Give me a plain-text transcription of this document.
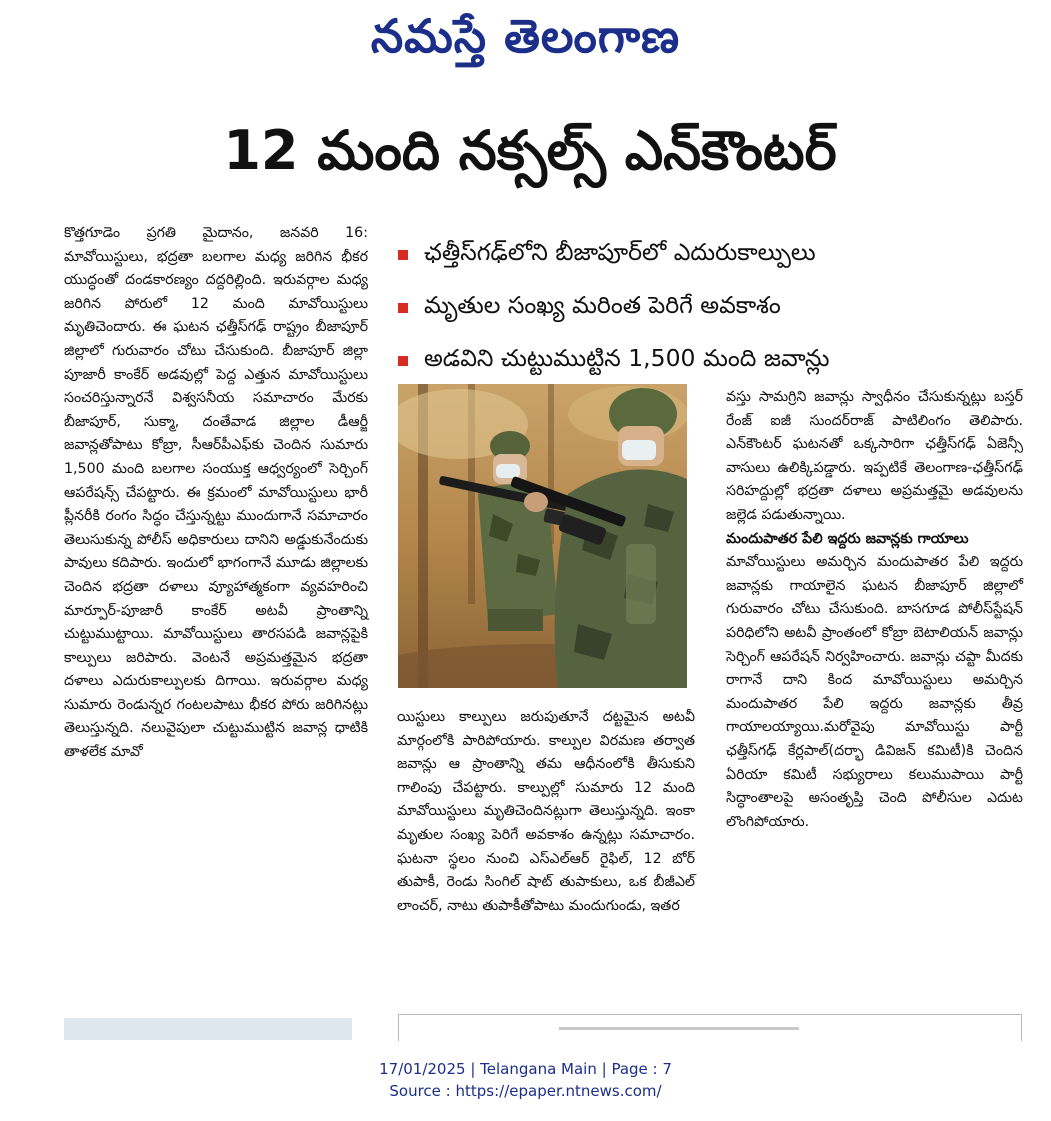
నమస్తే తెలంగాణ
12 మంది నక్సల్స్ ఎన్‌కౌంటర్

కొత్తగూడెం ప్రగతి మైదానం, జనవరి 16: మావోయిస్టులు, భద్రతా బలగాల మధ్య జరిగిన భీకర యుద్ధంతో దండకారణ్యం దద్దరిల్లింది. ఇరువర్గాల మధ్య జరిగిన పోరులో 12 మంది మావోయిస్టులు మృతిచెందారు. ఈ ఘటన ఛత్తీస్‌గఢ్ రాష్ట్రం బీజాపూర్ జిల్లాలో గురువారం చోటు చేసుకుంది. బీజాపూర్ జిల్లా పూజారీ కాంకేర్ అడవుల్లో పెద్ద ఎత్తున మావోయిస్టులు సంచరిస్తున్నారనే విశ్వసనీయ సమాచారం మేరకు బీజాపూర్, సుక్మా, దంతేవాడ జిల్లాల డీఆర్జీ జవాన్లతోపాటు కోబ్రా, సీఆర్‌పీఎఫ్‌కు చెందిన సుమారు 1,500 మంది బలగాల సంయుక్త ఆధ్వర్యంలో సెర్చింగ్ ఆపరేషన్స్ చేపట్టారు. ఈ క్రమంలో మావోయిస్టులు భారీ ప్లీనరీకి రంగం సిద్ధం చేస్తున్నట్టు ముందుగానే సమాచారం తెలుసుకున్న పోలీస్ అధికారులు దానిని అడ్డుకునేందుకు పావులు కదిపారు. ఇందులో భాగంగానే మూడు జిల్లాలకు చెందిన భద్రతా దళాలు వ్యూహాత్మకంగా వ్యవహరించి మార్పూర్-పూజారీ కాంకేర్ అటవీ ప్రాంతాన్ని చుట్టుముట్టాయి. మావోయిస్టులు తారసపడి జవాన్లపైకి కాల్పులు జరిపారు. వెంటనే అప్రమత్తమైన భద్రతా దళాలు ఎదురుకాల్పులకు దిగాయి. ఇరువర్గాల మధ్య సుమారు రెండున్నర గంటలపాటు భీకర పోరు జరిగినట్లు తెలుస్తున్నది. నలువైపులా చుట్టుముట్టిన జవాన్ల ధాటికి తాళలేక మావో

ఛత్తీస్‌గఢ్‌లోని బీజాపూర్‌లో ఎదురుకాల్పులు
మృతుల సంఖ్య మరింత పెరిగే అవకాశం
అడవిని చుట్టుముట్టిన 1,500 మంది జవాన్లు

యిస్టులు కాల్పులు జరుపుతూనే దట్టమైన అటవీ మార్గంలోకి పారిపోయారు. కాల్పుల విరమణ తర్వాత జవాన్లు ఆ ప్రాంతాన్ని తమ ఆధీనంలోకి తీసుకుని గాలింపు చేపట్టారు. కాల్పుల్లో సుమారు 12 మంది మావోయిస్టులు మృతిచెందినట్లుగా తెలుస్తున్నది. ఇంకా మృతుల సంఖ్య పెరిగే అవకాశం ఉన్నట్లు సమాచారం. ఘటనా స్థలం నుంచి ఎస్‌ఎల్ఆర్ రైఫిల్, 12 బోర్ తుపాకీ, రెండు సింగిల్ షాట్ తుపాకులు, ఒక బీజీఎల్ లాంచర్, నాటు తుపాకీతోపాటు మందుగుండు, ఇతర

వస్తు సామగ్రిని జవాన్లు స్వాధీనం చేసుకున్నట్లు బస్తర్ రేంజ్ ఐజీ సుందర్‌రాజ్ పాటిలింగం తెలిపారు. ఎన్‌కౌంటర్ ఘటనతో ఒక్కసారిగా ఛత్తీస్‌గఢ్ ఏజెన్సీ వాసులు ఉలిక్కిపడ్డారు. ఇప్పటికే తెలంగాణ-ఛత్తీస్‌గఢ్ సరిహద్దుల్లో భద్రతా దళాలు అప్రమత్తమై అడవులను జల్లెడ పడుతున్నాయి.

మందుపాతర పేలి ఇద్దరు జవాన్లకు గాయాలు

మావోయిస్టులు అమర్చిన మందుపాతర పేలి ఇద్దరు జవాన్లకు గాయాలైన ఘటన బీజాపూర్ జిల్లాలో గురువారం చోటు చేసుకుంది. బాసగూడ పోలీస్‌స్టేషన్ పరిధిలోని అటవీ ప్రాంతంలో కోబ్రా బెటాలియన్ జవాన్లు సెర్చింగ్ ఆపరేషన్ నిర్వహించారు. జవాన్లు చప్టా మీదకు రాగానే దాని కింద మావోయిస్టులు అమర్చిన మందుపాతర పేలి ఇద్దరు జవాన్లకు తీవ్ర గాయాలయ్యాయి.మరోవైపు మావోయిస్టు పార్టీ ఛత్తీస్‌గఢ్ కేర్లపాల్(దర్భా డివిజన్ కమిటీ)కి చెందిన ఏరియా కమిటీ సభ్యురాలు కలుముపాయి పార్టీ సిద్ధాంతాలపై అసంతృప్తి చెంది పోలీసుల ఎదుట లొంగిపోయారు.

17/01/2025 | Telangana Main | Page : 7
Source : https://epaper.ntnews.com/
